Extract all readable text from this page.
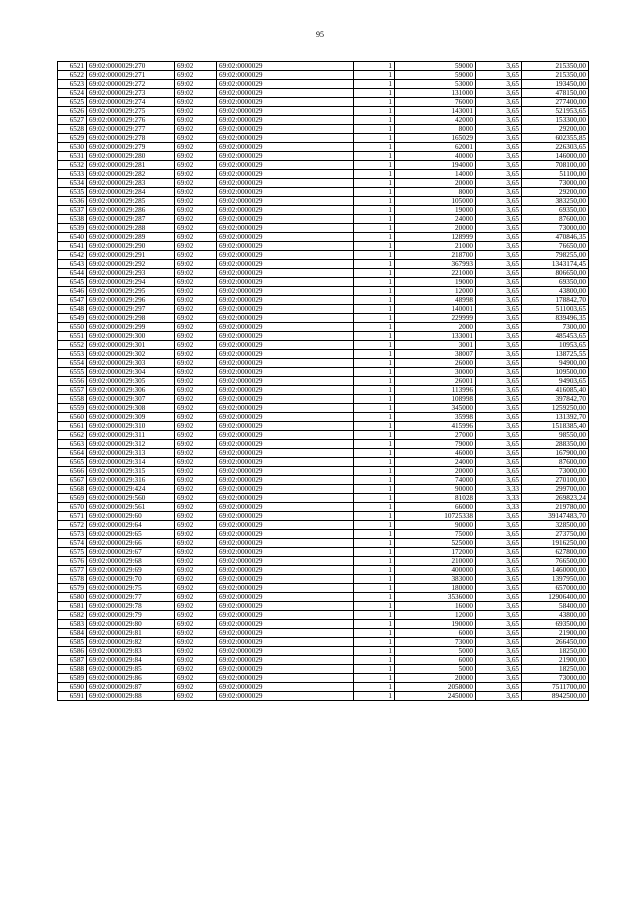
95
6521	69:02:0000029:270	69:02	69:02:0000029	1	59000	3,65	215350,00
6522	69:02:0000029:271	69:02	69:02:0000029	1	59000	3,65	215350,00
6523	69:02:0000029:272	69:02	69:02:0000029	1	53000	3,65	193450,00
6524	69:02:0000029:273	69:02	69:02:0000029	1	131000	3,65	478150,00
6525	69:02:0000029:274	69:02	69:02:0000029	1	76000	3,65	277400,00
6526	69:02:0000029:275	69:02	69:02:0000029	1	143001	3,65	521953,65
6527	69:02:0000029:276	69:02	69:02:0000029	1	42000	3,65	153300,00
6528	69:02:0000029:277	69:02	69:02:0000029	1	8000	3,65	29200,00
6529	69:02:0000029:278	69:02	69:02:0000029	1	165029	3,65	602355,85
6530	69:02:0000029:279	69:02	69:02:0000029	1	62001	3,65	226303,65
6531	69:02:0000029:280	69:02	69:02:0000029	1	40000	3,65	146000,00
6532	69:02:0000029:281	69:02	69:02:0000029	1	194000	3,65	708100,00
6533	69:02:0000029:282	69:02	69:02:0000029	1	14000	3,65	51100,00
6534	69:02:0000029:283	69:02	69:02:0000029	1	20000	3,65	73000,00
6535	69:02:0000029:284	69:02	69:02:0000029	1	8000	3,65	29200,00
6536	69:02:0000029:285	69:02	69:02:0000029	1	105000	3,65	383250,00
6537	69:02:0000029:286	69:02	69:02:0000029	1	19000	3,65	69350,00
6538	69:02:0000029:287	69:02	69:02:0000029	1	24000	3,65	87600,00
6539	69:02:0000029:288	69:02	69:02:0000029	1	20000	3,65	73000,00
6540	69:02:0000029:289	69:02	69:02:0000029	1	128999	3,65	470846,35
6541	69:02:0000029:290	69:02	69:02:0000029	1	21000	3,65	76650,00
6542	69:02:0000029:291	69:02	69:02:0000029	1	218700	3,65	798255,00
6543	69:02:0000029:292	69:02	69:02:0000029	1	367993	3,65	1343174,45
6544	69:02:0000029:293	69:02	69:02:0000029	1	221000	3,65	806650,00
6545	69:02:0000029:294	69:02	69:02:0000029	1	19000	3,65	69350,00
6546	69:02:0000029:295	69:02	69:02:0000029	1	12000	3,65	43800,00
6547	69:02:0000029:296	69:02	69:02:0000029	1	48998	3,65	178842,70
6548	69:02:0000029:297	69:02	69:02:0000029	1	140001	3,65	511003,65
6549	69:02:0000029:298	69:02	69:02:0000029	1	229999	3,65	839496,35
6550	69:02:0000029:299	69:02	69:02:0000029	1	2000	3,65	7300,00
6551	69:02:0000029:300	69:02	69:02:0000029	1	133001	3,65	485453,65
6552	69:02:0000029:301	69:02	69:02:0000029	1	3001	3,65	10953,65
6553	69:02:0000029:302	69:02	69:02:0000029	1	38007	3,65	138725,55
6554	69:02:0000029:303	69:02	69:02:0000029	1	26000	3,65	94900,00
6555	69:02:0000029:304	69:02	69:02:0000029	1	30000	3,65	109500,00
6556	69:02:0000029:305	69:02	69:02:0000029	1	26001	3,65	94903,65
6557	69:02:0000029:306	69:02	69:02:0000029	1	113996	3,65	416085,40
6558	69:02:0000029:307	69:02	69:02:0000029	1	108998	3,65	397842,70
6559	69:02:0000029:308	69:02	69:02:0000029	1	345000	3,65	1259250,00
6560	69:02:0000029:309	69:02	69:02:0000029	1	35998	3,65	131392,70
6561	69:02:0000029:310	69:02	69:02:0000029	1	415996	3,65	1518385,40
6562	69:02:0000029:311	69:02	69:02:0000029	1	27000	3,65	98550,00
6563	69:02:0000029:312	69:02	69:02:0000029	1	79000	3,65	288350,00
6564	69:02:0000029:313	69:02	69:02:0000029	1	46000	3,65	167900,00
6565	69:02:0000029:314	69:02	69:02:0000029	1	24000	3,65	87600,00
6566	69:02:0000029:315	69:02	69:02:0000029	1	20000	3,65	73000,00
6567	69:02:0000029:316	69:02	69:02:0000029	1	74000	3,65	270100,00
6568	69:02:0000029:424	69:02	69:02:0000029	1	90000	3,33	299700,00
6569	69:02:0000029:560	69:02	69:02:0000029	1	81028	3,33	269823,24
6570	69:02:0000029:561	69:02	69:02:0000029	1	66000	3,33	219780,00
6571	69:02:0000029:60	69:02	69:02:0000029	1	10725338	3,65	39147483,70
6572	69:02:0000029:64	69:02	69:02:0000029	1	90000	3,65	328500,00
6573	69:02:0000029:65	69:02	69:02:0000029	1	75000	3,65	273750,00
6574	69:02:0000029:66	69:02	69:02:0000029	1	525000	3,65	1916250,00
6575	69:02:0000029:67	69:02	69:02:0000029	1	172000	3,65	627800,00
6576	69:02:0000029:68	69:02	69:02:0000029	1	210000	3,65	766500,00
6577	69:02:0000029:69	69:02	69:02:0000029	1	400000	3,65	1460000,00
6578	69:02:0000029:70	69:02	69:02:0000029	1	383000	3,65	1397950,00
6579	69:02:0000029:75	69:02	69:02:0000029	1	180000	3,65	657000,00
6580	69:02:0000029:77	69:02	69:02:0000029	1	3536000	3,65	12906400,00
6581	69:02:0000029:78	69:02	69:02:0000029	1	16000	3,65	58400,00
6582	69:02:0000029:79	69:02	69:02:0000029	1	12000	3,65	43800,00
6583	69:02:0000029:80	69:02	69:02:0000029	1	190000	3,65	693500,00
6584	69:02:0000029:81	69:02	69:02:0000029	1	6000	3,65	21900,00
6585	69:02:0000029:82	69:02	69:02:0000029	1	73000	3,65	266450,00
6586	69:02:0000029:83	69:02	69:02:0000029	1	5000	3,65	18250,00
6587	69:02:0000029:84	69:02	69:02:0000029	1	6000	3,65	21900,00
6588	69:02:0000029:85	69:02	69:02:0000029	1	5000	3,65	18250,00
6589	69:02:0000029:86	69:02	69:02:0000029	1	20000	3,65	73000,00
6590	69:02:0000029:87	69:02	69:02:0000029	1	2058000	3,65	7511700,00
6591	69:02:0000029:88	69:02	69:02:0000029	1	2450000	3,65	8942500,00
